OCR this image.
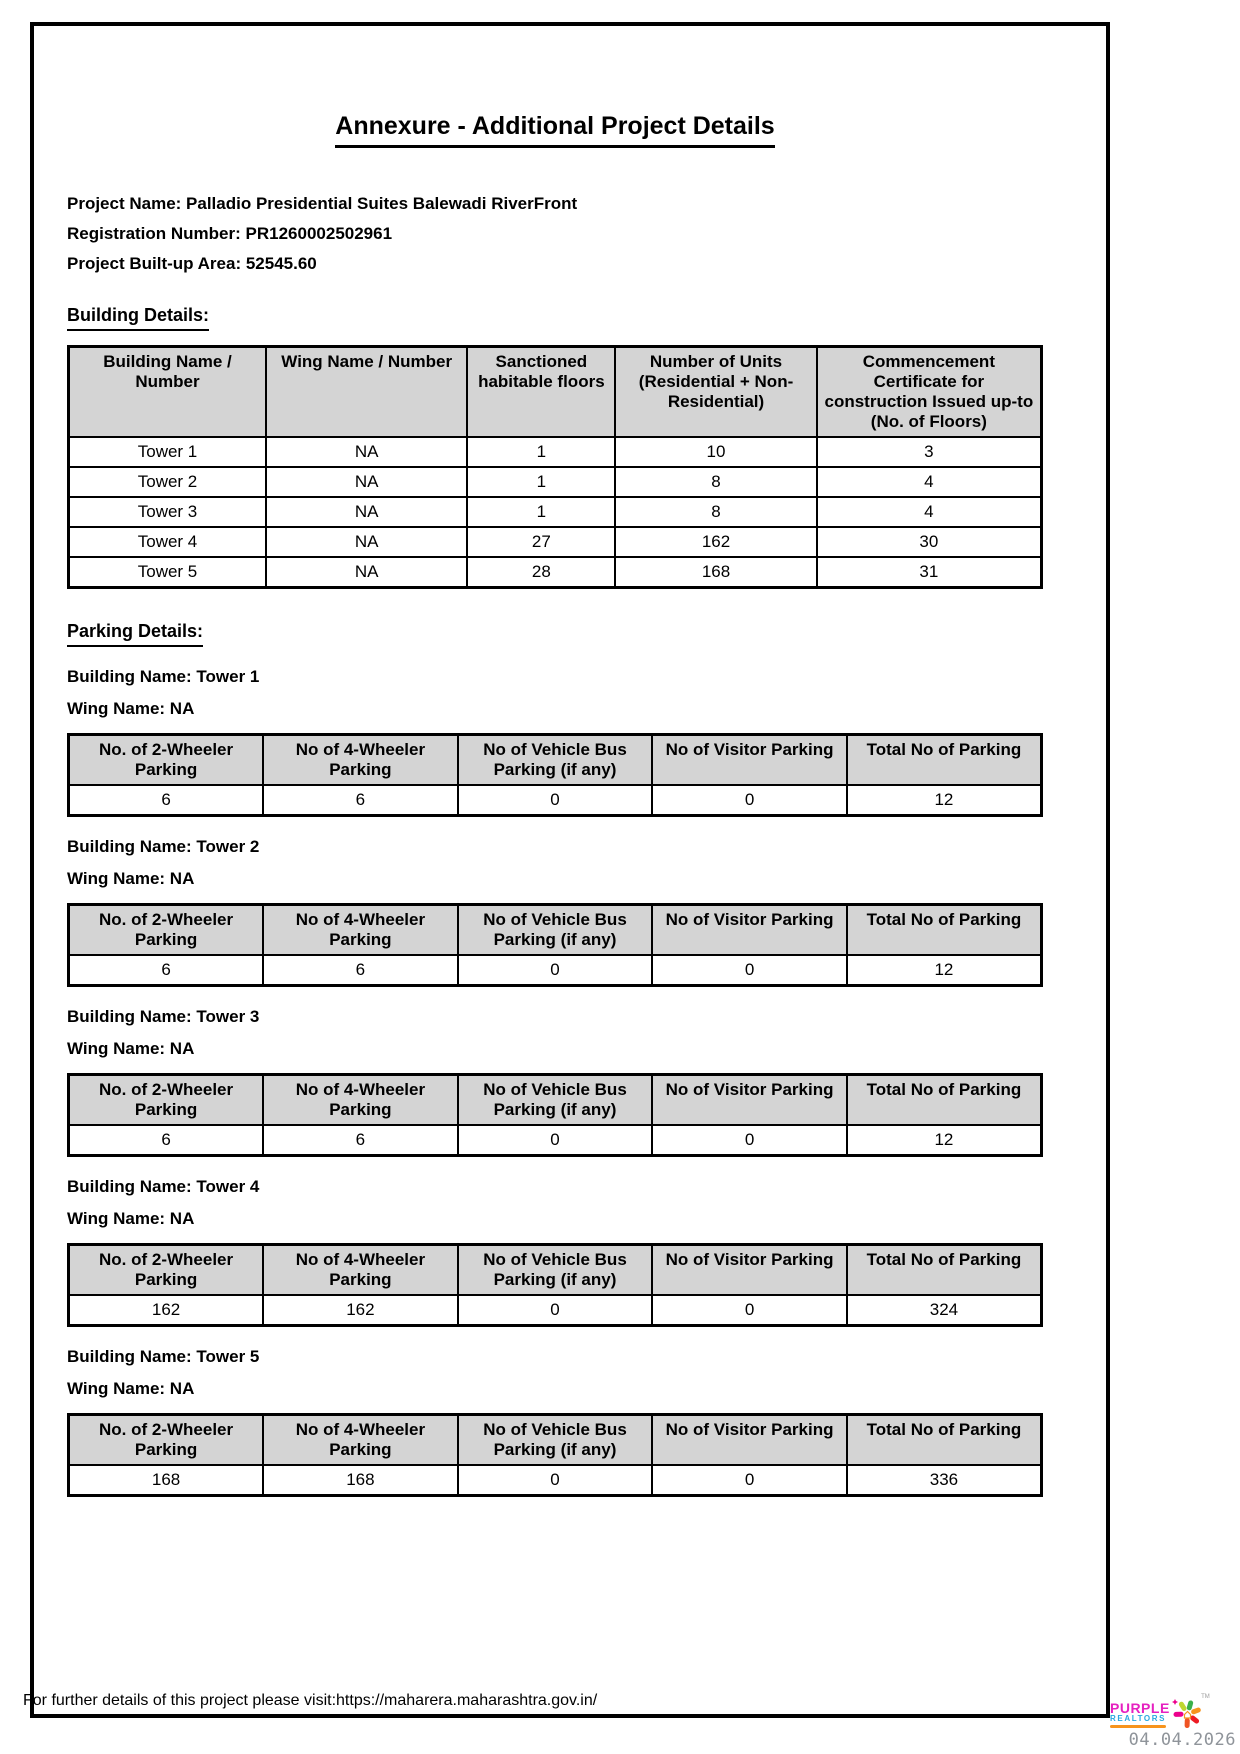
Annexure - Additional Project Details
Project Name: Palladio Presidential Suites Balewadi RiverFront
Registration Number: PR1260002502961
Project Built-up Area: 52545.60
Building Details:
Building Name / Number	Wing Name / Number	Sanctioned habitable floors	Number of Units (Residential + Non-Residential)	Commencement Certificate for construction Issued up-to (No. of Floors)
Tower 1	NA	1	10	3
Tower 2	NA	1	8	4
Tower 3	NA	1	8	4
Tower 4	NA	27	162	30
Tower 5	NA	28	168	31
Parking Details:
Building Name: Tower 1
Wing Name: NA
No. of 2-Wheeler Parking	No of 4-Wheeler Parking	No of Vehicle Bus Parking (if any)	No of Visitor Parking	Total No of Parking
6	6	0	0	12
Building Name: Tower 2
Wing Name: NA
No. of 2-Wheeler Parking	No of 4-Wheeler Parking	No of Vehicle Bus Parking (if any)	No of Visitor Parking	Total No of Parking
6	6	0	0	12
Building Name: Tower 3
Wing Name: NA
No. of 2-Wheeler Parking	No of 4-Wheeler Parking	No of Vehicle Bus Parking (if any)	No of Visitor Parking	Total No of Parking
6	6	0	0	12
Building Name: Tower 4
Wing Name: NA
No. of 2-Wheeler Parking	No of 4-Wheeler Parking	No of Vehicle Bus Parking (if any)	No of Visitor Parking	Total No of Parking
162	162	0	0	324
Building Name: Tower 5
Wing Name: NA
No. of 2-Wheeler Parking	No of 4-Wheeler Parking	No of Vehicle Bus Parking (if any)	No of Visitor Parking	Total No of Parking
168	168	0	0	336
For further details of this project please visit:https://maharera.maharashtra.gov.in/	PURPLE
REALTORS
TM
04.04.2026
